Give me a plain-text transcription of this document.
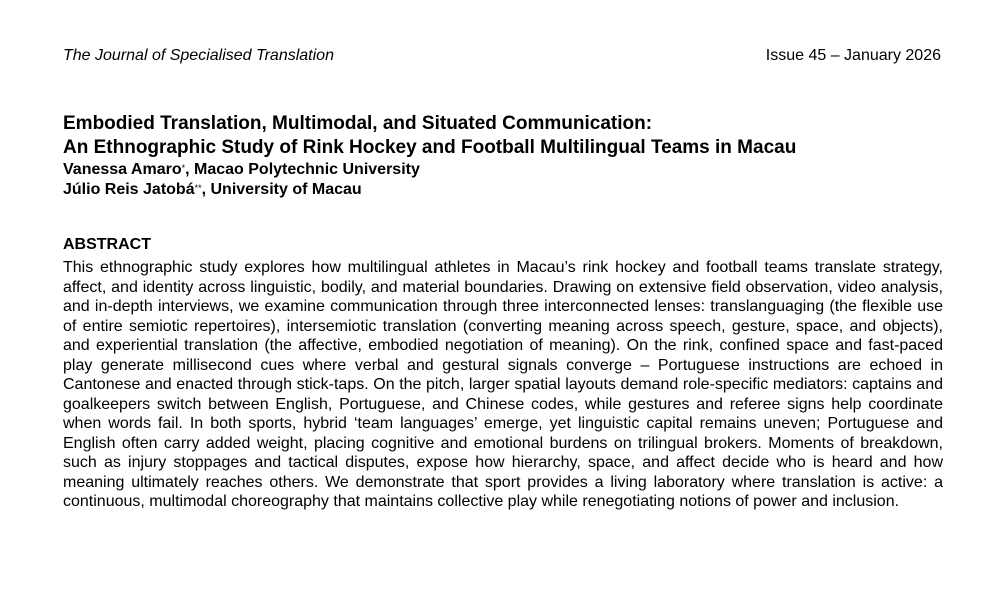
The Journal of Specialised Translation	Issue 45 – January 2026
Embodied Translation, Multimodal, and Situated Communication:
An Ethnographic Study of Rink Hockey and Football Multilingual Teams in Macau
Vanessa Amaro*, Macao Polytechnic University
Júlio Reis Jatobá**, University of Macau
ABSTRACT
This ethnographic study explores how multilingual athletes in Macau’s rink hockey and football teams translate strategy, affect, and identity across linguistic, bodily, and material boundaries. Drawing on extensive field observation, video analysis, and in-depth interviews, we examine communication through three interconnected lenses: translanguaging (the flexible use of entire semiotic repertoires), intersemiotic translation (converting meaning across speech, gesture, space, and objects), and experiential translation (the affective, embodied negotiation of meaning). On the rink, confined space and fast-paced play generate millisecond cues where verbal and gestural signals converge – Portuguese instructions are echoed in Cantonese and enacted through stick-taps. On the pitch, larger spatial layouts demand role-specific mediators: captains and goalkeepers switch between English, Portuguese, and Chinese codes, while gestures and referee signs help coordinate when words fail. In both sports, hybrid ‘team languages’ emerge, yet linguistic capital remains uneven; Portuguese and English often carry added weight, placing cognitive and emotional burdens on trilingual brokers. Moments of breakdown, such as injury stoppages and tactical disputes, expose how hierarchy, space, and affect decide who is heard and how meaning ultimately reaches others. We demonstrate that sport provides a living laboratory where translation is active: a continuous, multimodal choreography that maintains collective play while renegotiating notions of power and inclusion.
